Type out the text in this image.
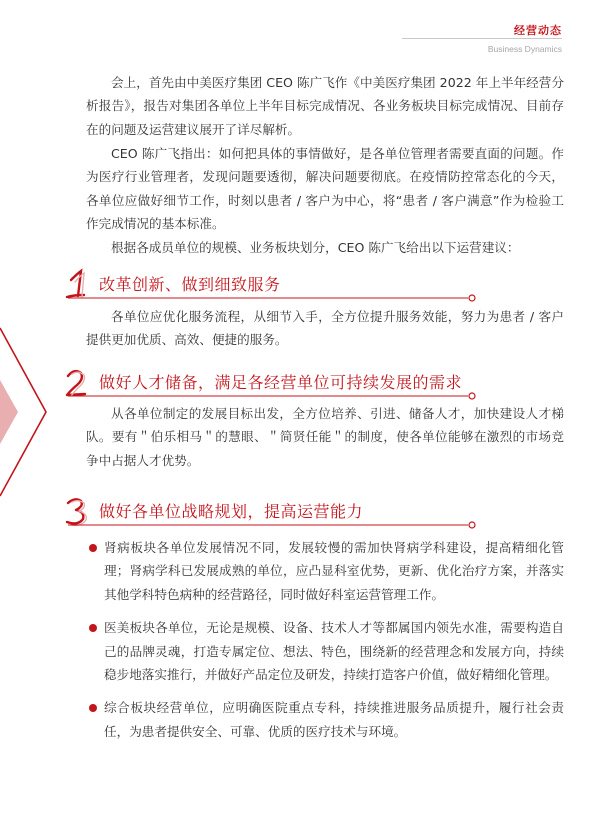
经营动态
Business Dynamics

会上，首先由中美医疗集团 CEO 陈广飞作《中美医疗集团 2022 年上半年经营分析报告》，报告对集团各单位上半年目标完成情况、各业务板块目标完成情况、目前存在的问题及运营建议展开了详尽解析。

CEO 陈广飞指出：如何把具体的事情做好，是各单位管理者需要直面的问题。作为医疗行业管理者，发现问题要透彻，解决问题要彻底。在疫情防控常态化的今天，各单位应做好细节工作，时刻以患者 / 客户为中心，将“患者 / 客户满意”作为检验工作完成情况的基本标准。

根据各成员单位的规模、业务板块划分，CEO 陈广飞给出以下运营建议：

改革创新、做到细致服务

各单位应优化服务流程，从细节入手，全方位提升服务效能，努力为患者 / 客户提供更加优质、高效、便捷的服务。

做好人才储备，满足各经营单位可持续发展的需求

从各单位制定的发展目标出发，全方位培养、引进、储备人才，加快建设人才梯队。要有＂伯乐相马＂的慧眼、＂简贤任能＂的制度，使各单位能够在激烈的市场竞争中占据人才优势。

做好各单位战略规划，提高运营能力
肾病板块各单位发展情况不同，发展较慢的需加快肾病学科建设，提高精细化管理；肾病学科已发展成熟的单位，应凸显科室优势，更新、优化治疗方案，并落实其他学科特色病种的经营路径，同时做好科室运营管理工作。
医美板块各单位，无论是规模、设备、技术人才等都属国内领先水准，需要构造自己的品牌灵魂，打造专属定位、想法、特色，围绕新的经营理念和发展方向，持续稳步地落实推行，并做好产品定位及研发，持续打造客户价值，做好精细化管理。
综合板块经营单位，应明确医院重点专科，持续推进服务品质提升，履行社会责任，为患者提供安全、可靠、优质的医疗技术与环境。
